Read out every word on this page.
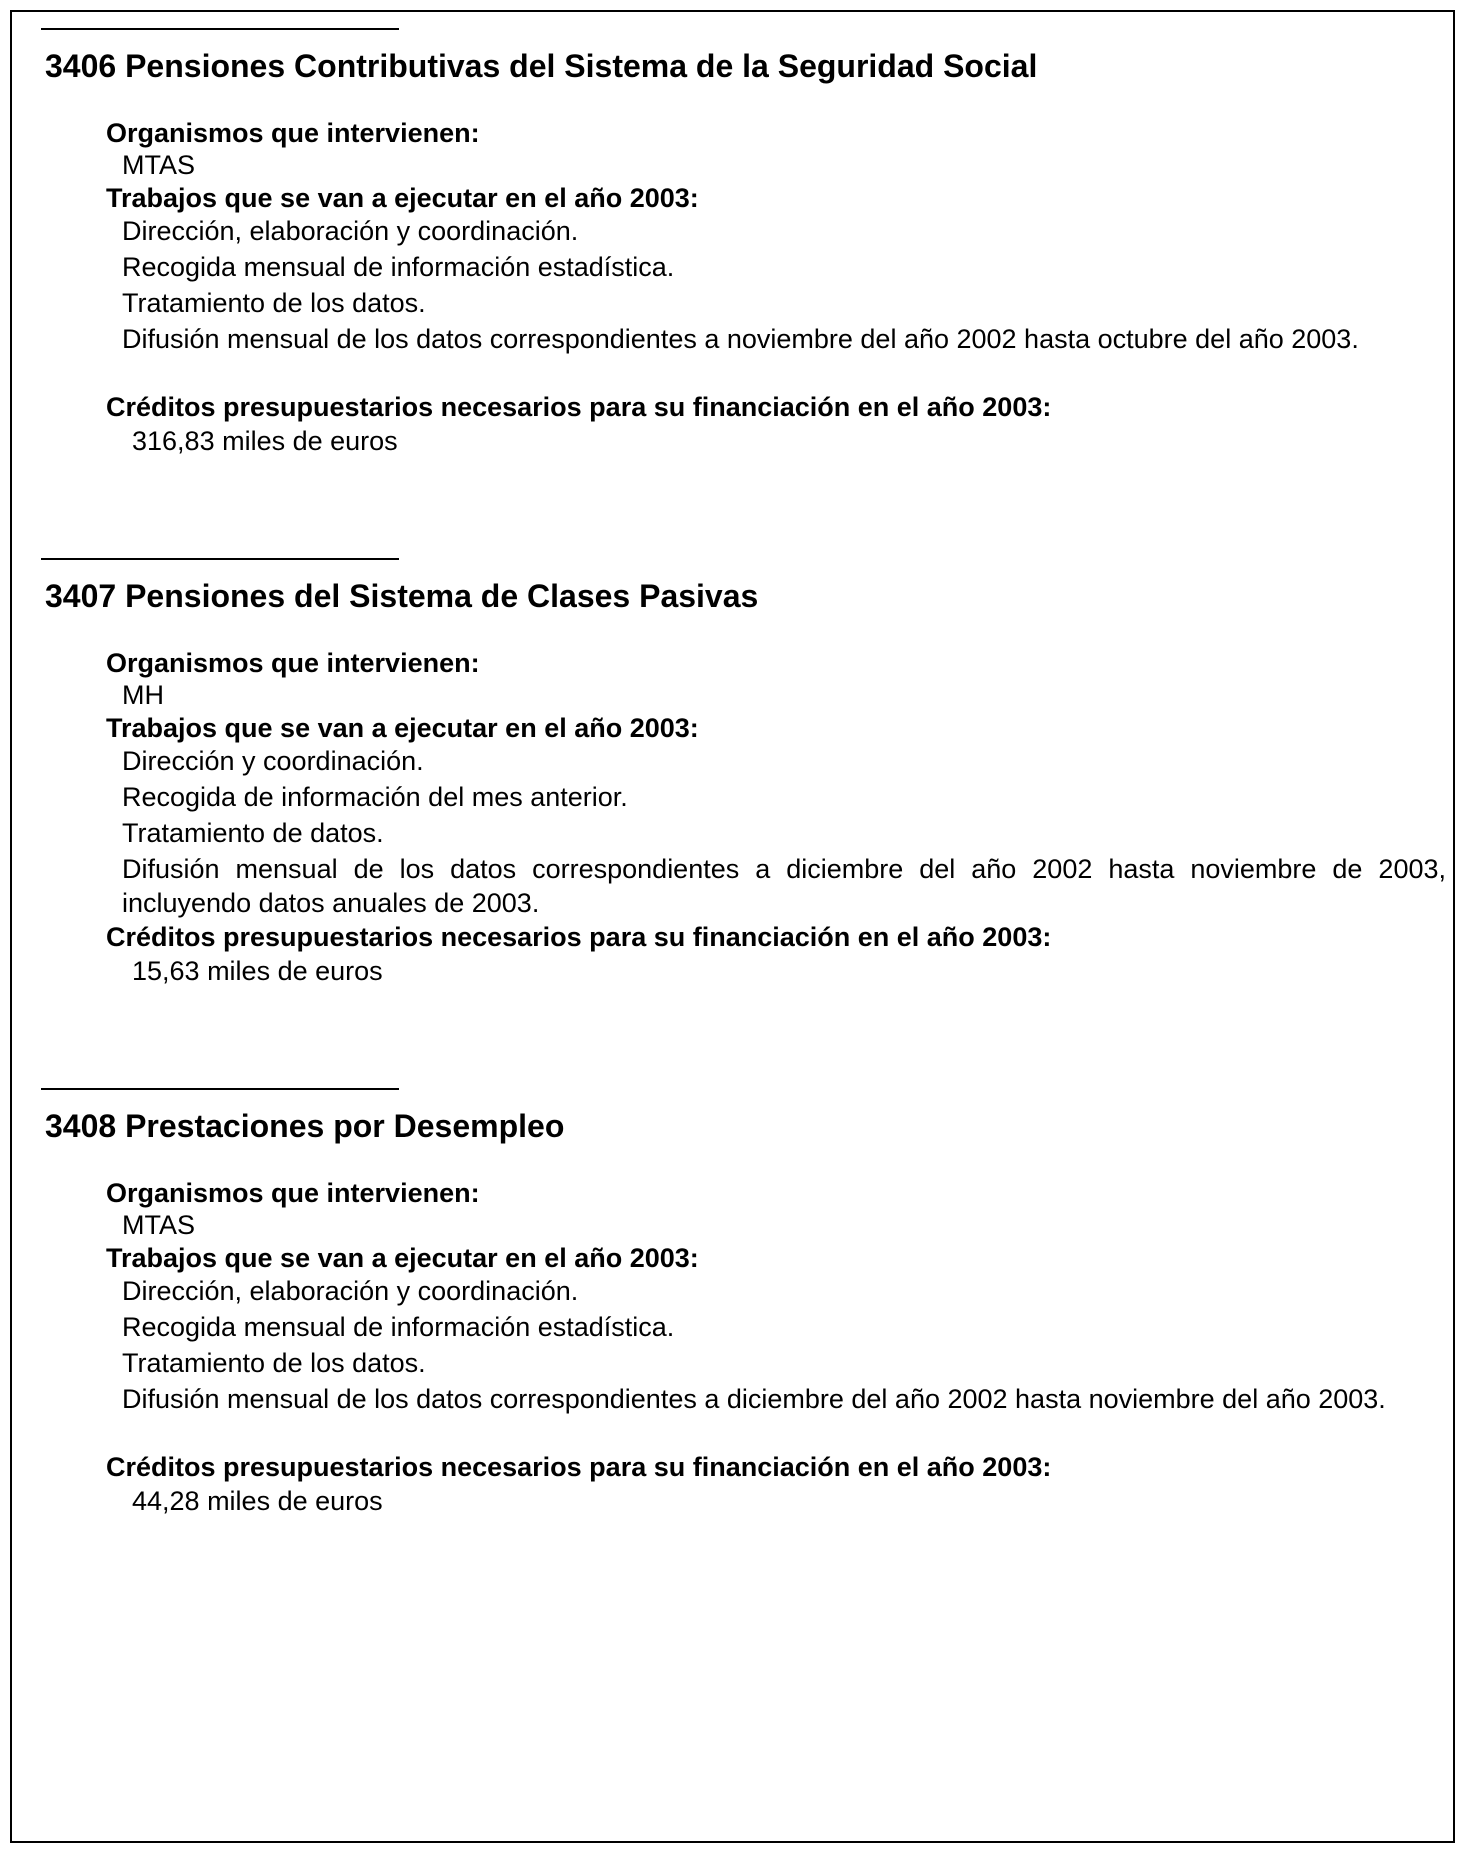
3406 Pensiones Contributivas del Sistema de la Seguridad Social
Organismos que intervienen:
MTAS
Trabajos que se van a ejecutar en el año 2003:
Dirección, elaboración y coordinación.
Recogida mensual de información estadística.
Tratamiento de los datos.
Difusión mensual de los datos correspondientes a noviembre del año 2002 hasta octubre del año 2003.
Créditos presupuestarios necesarios para su financiación en el año 2003:
316,83 miles de euros
3407 Pensiones del Sistema de Clases Pasivas
Organismos que intervienen:
MH
Trabajos que se van a ejecutar en el año 2003:
Dirección y coordinación.
Recogida de información del mes anterior.
Tratamiento de datos.
Difusión mensual de los datos correspondientes a diciembre del año 2002 hasta noviembre de 2003, incluyendo datos anuales de 2003.
Créditos presupuestarios necesarios para su financiación en el año 2003:
15,63 miles de euros
3408 Prestaciones por Desempleo
Organismos que intervienen:
MTAS
Trabajos que se van a ejecutar en el año 2003:
Dirección, elaboración y coordinación.
Recogida mensual de información estadística.
Tratamiento de los datos.
Difusión mensual de los datos correspondientes a diciembre del año 2002 hasta noviembre del año 2003.
Créditos presupuestarios necesarios para su financiación en el año 2003:
44,28 miles de euros
